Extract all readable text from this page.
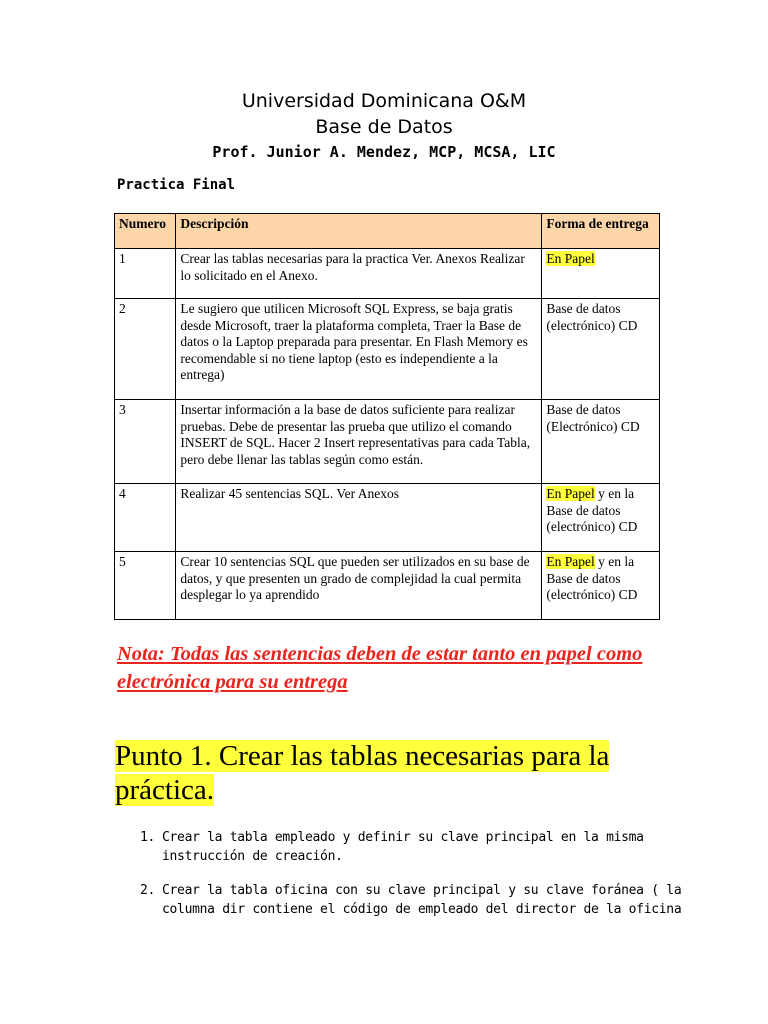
Universidad Dominicana O&M
Base de Datos
Prof. Junior A. Mendez, MCP, MCSA, LIC
Practica Final
Numero	Descripción	Forma de entrega
1	Crear las tablas necesarias para la practica Ver. Anexos Realizar lo solicitado en el Anexo.	En Papel
2	Le sugiero que utilicen Microsoft SQL Express, se baja gratis desde Microsoft, traer la plataforma completa, Traer la Base de datos o la Laptop preparada para presentar. En Flash Memory es recomendable si no tiene laptop (esto es independiente a la entrega)	Base de datos (electrónico) CD
3	Insertar información a la base de datos suficiente para realizar pruebas. Debe de presentar las prueba que utilizo el comando INSERT de SQL. Hacer 2 Insert representativas para cada Tabla, pero debe llenar las tablas según como están.	Base de datos (Electrónico) CD
4	Realizar 45 sentencias SQL. Ver Anexos	En Papel y en la Base de datos (electrónico) CD
5	Crear 10 sentencias SQL que pueden ser utilizados en su base de datos, y que presenten un grado de complejidad la cual permita desplegar lo ya aprendido	En Papel y en la Base de datos (electrónico) CD
Nota: Todas las sentencias deben de estar tanto en papel como electrónica para su entrega
Punto 1. Crear las tablas necesarias para la práctica.
1. Crear la tabla empleado y definir su clave principal en la misma instrucción de creación.
2. Crear la tabla oficina con su clave principal y su clave foránea ( la columna dir contiene el código de empleado del director de la oficina
